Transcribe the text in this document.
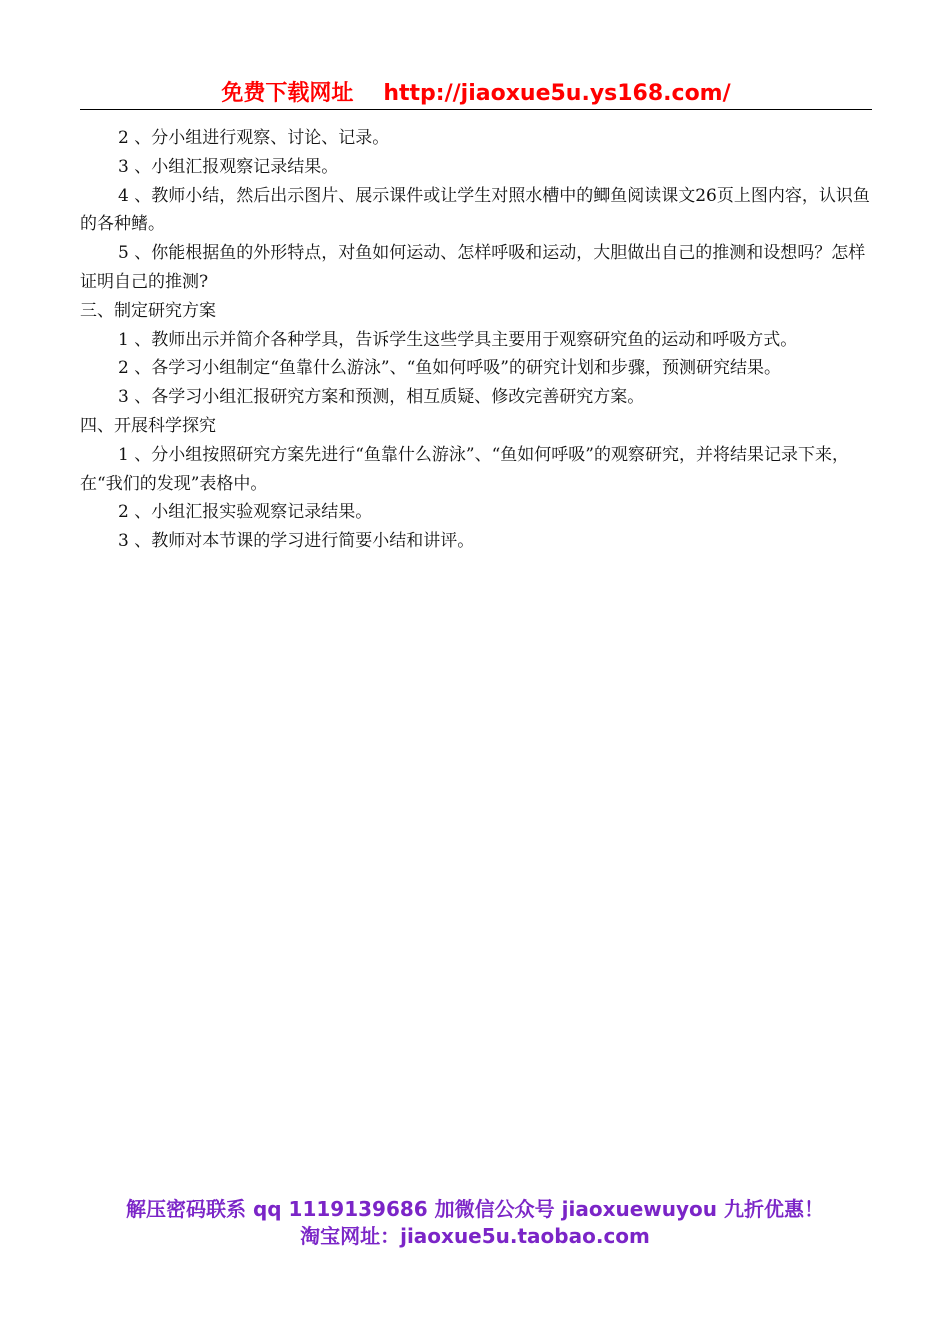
免费下载网址 http://jiaoxue5u.ys168.com/

2 、分小组进行观察、讨论、记录。

3 、小组汇报观察记录结果。

4 、教师小结，然后出示图片、展示课件或让学生对照水槽中的鲫鱼阅读课文26页上图内容，认识鱼的各种鳍。

5 、你能根据鱼的外形特点，对鱼如何运动、怎样呼吸和运动，大胆做出自己的推测和设想吗？怎样证明自己的推测?

三、制定研究方案

1 、教师出示并简介各种学具，告诉学生这些学具主要用于观察研究鱼的运动和呼吸方式。

2 、各学习小组制定“鱼靠什么游泳”、“鱼如何呼吸”的研究计划和步骤，预测研究结果。

3 、各学习小组汇报研究方案和预测，相互质疑、修改完善研究方案。

四、开展科学探究

1 、分小组按照研究方案先进行“鱼靠什么游泳”、“鱼如何呼吸”的观察研究，并将结果记录下来，在“我们的发现”表格中。

2 、小组汇报实验观察记录结果。

3 、教师对本节课的学习进行简要小结和讲评。

解压密码联系 qq 1119139686 加微信公众号 jiaoxuewuyou 九折优惠！
淘宝网址：jiaoxue5u.taobao.com
